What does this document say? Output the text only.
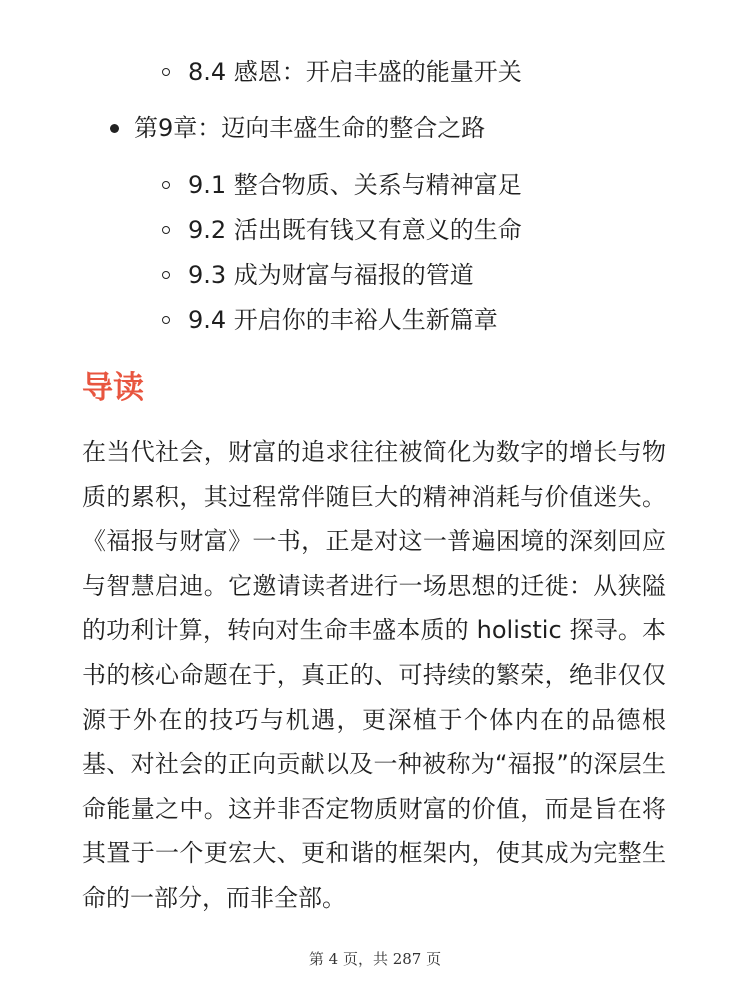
8.4 感恩：开启丰盛的能量开关
第9章：迈向丰盛生命的整合之路
9.1 整合物质、关系与精神富足
9.2 活出既有钱又有意义的生命
9.3 成为财富与福报的管道
9.4 开启你的丰裕人生新篇章
导读

在当代社会，财富的追求往往被简化为数字的增长与物质的累积，其过程常伴随巨大的精神消耗与价值迷失。《福报与财富》一书，正是对这一普遍困境的深刻回应与智慧启迪。它邀请读者进行一场思想的迁徙：从狭隘的功利计算，转向对生命丰盛本质的 holistic 探寻。本书的核心命题在于，真正的、可持续的繁荣，绝非仅仅源于外在的技巧与机遇，更深植于个体内在的品德根基、对社会的正向贡献以及一种被称为“福报”的深层生命能量之中。这并非否定物质财富的价值，而是旨在将其置于一个更宏大、更和谐的框架内，使其成为完整生命的一部分，而非全部。

第 4 页，共 287 页
